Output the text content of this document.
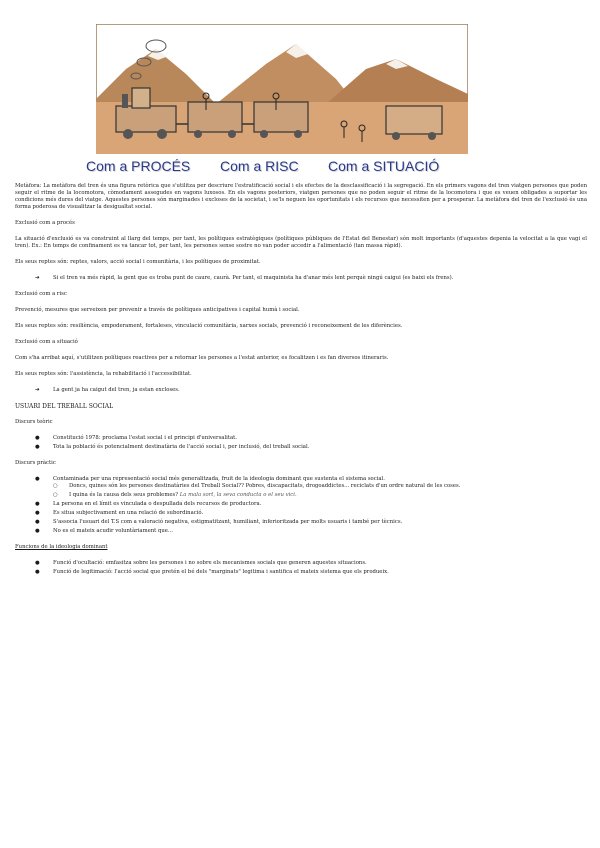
Com a PROCÉS Com a RISC Com a SITUACIÓ

Metàfora: La metàfora del tren és una figura retòrica que s'utilitza per descriure l'estratificació social i els efectes de la desclassificació i la segregació. En els primers vagons del tren viatgen persones que poden seguir el ritme de la locomotora, còmodament assegudes en vagons luxosos. En els vagons posteriors, viatgen persones que no poden seguir el ritme de la locomotora i que es veuen obligades a suportar les condicions més dures del viatge. Aquestes persones són marginades i excloses de la societat, i se'ls neguen les oportunitats i els recursos que necessiten per a prosperar. La metàfora del tren de l'exclusió és una forma poderosa de visualitzar la desigualtat social.

Exclusió com a procés

La situació d'exclusió es va construint al llarg del temps, per tant, les polítiques estratègiques (polítiques públiques de l'Estat del Benestar) són molt importants (d'aquestes depenia la velocitat a la que vagi el tren). Ex.: En temps de confinament es va tancar tot, per tant, les persones sense sostre no van poder accedir a l'alimentació (tan massa ràpid).

Els seus reptes són: reptes, valors, acció social i comunitària, i les polítiques de proximitat.

➔	Si el tren va més ràpid, la gent que es troba punt de caure, caurà. Per tant, el maquinista ha d'anar més lent perquè ningú caigui (es baixi els frens).

Exclusió com a risc

Prevenció, mesures que serveixen per prevenir a través de polítiques anticipatives i capital humà i social.

Els seus reptes són: resiliència, empoderament, fortaleses, vinculació comunitària, xarxes socials, prevenció i reconeixement de les diferències.

Exclusió com a situació

Com s'ha arribat aquí, s'utilitzen polítiques reactives per a retornar les persones a l'estat anterior, es focalitzen i es fan diversos itineraris.

Els seus reptes són: l'assistència, la rehabilitació i l'accessibilitat.

➔	La gent ja ha caigut del tren, ja estan excloses.

USUARI DEL TREBALL SOCIAL

Discurs teòric

●	Constitució 1978: proclama l'estat social i el principi d'universalitat.
●	Tota la població és potencialment destinatària de l'acció social i, per inclusió, del treball social.

Discurs pràctic

●	Contaminada per una representació social més generalitzada, fruit de la ideologia dominant que sustenta el sistema social.
○	Doncs, quines són les persones destinatàries del Treball Social?? Pobres, discapacitats, drogoaddictes... reciclats d'un ordre natural de les coses.
○	I quina és la causa dels seus problemes? La mala sort, la seva conducta o el seu vici.
●	La persona en el límit es vinculada o despullada dels recursos de productora.
●	Es situa subjectivament en una relació de subordinació.
●	S'associa l'usuari del T.S com a valoració negativa, estigmatitzant, humiliant, inferioritzada per molts usuaris i també per tècnics.
●	No es el mateix acudir voluntàriament que...

Funcions de la ideologia dominant

●	Funció d'ocultació: emfasitza sobre les persones i no sobre els mecanismes socials que generen aquestes situacions.
●	Funció de legitimació: l'acció social que pretén el bé dels "marginats" legitima i santifica el mateix sistema que els produeix.
